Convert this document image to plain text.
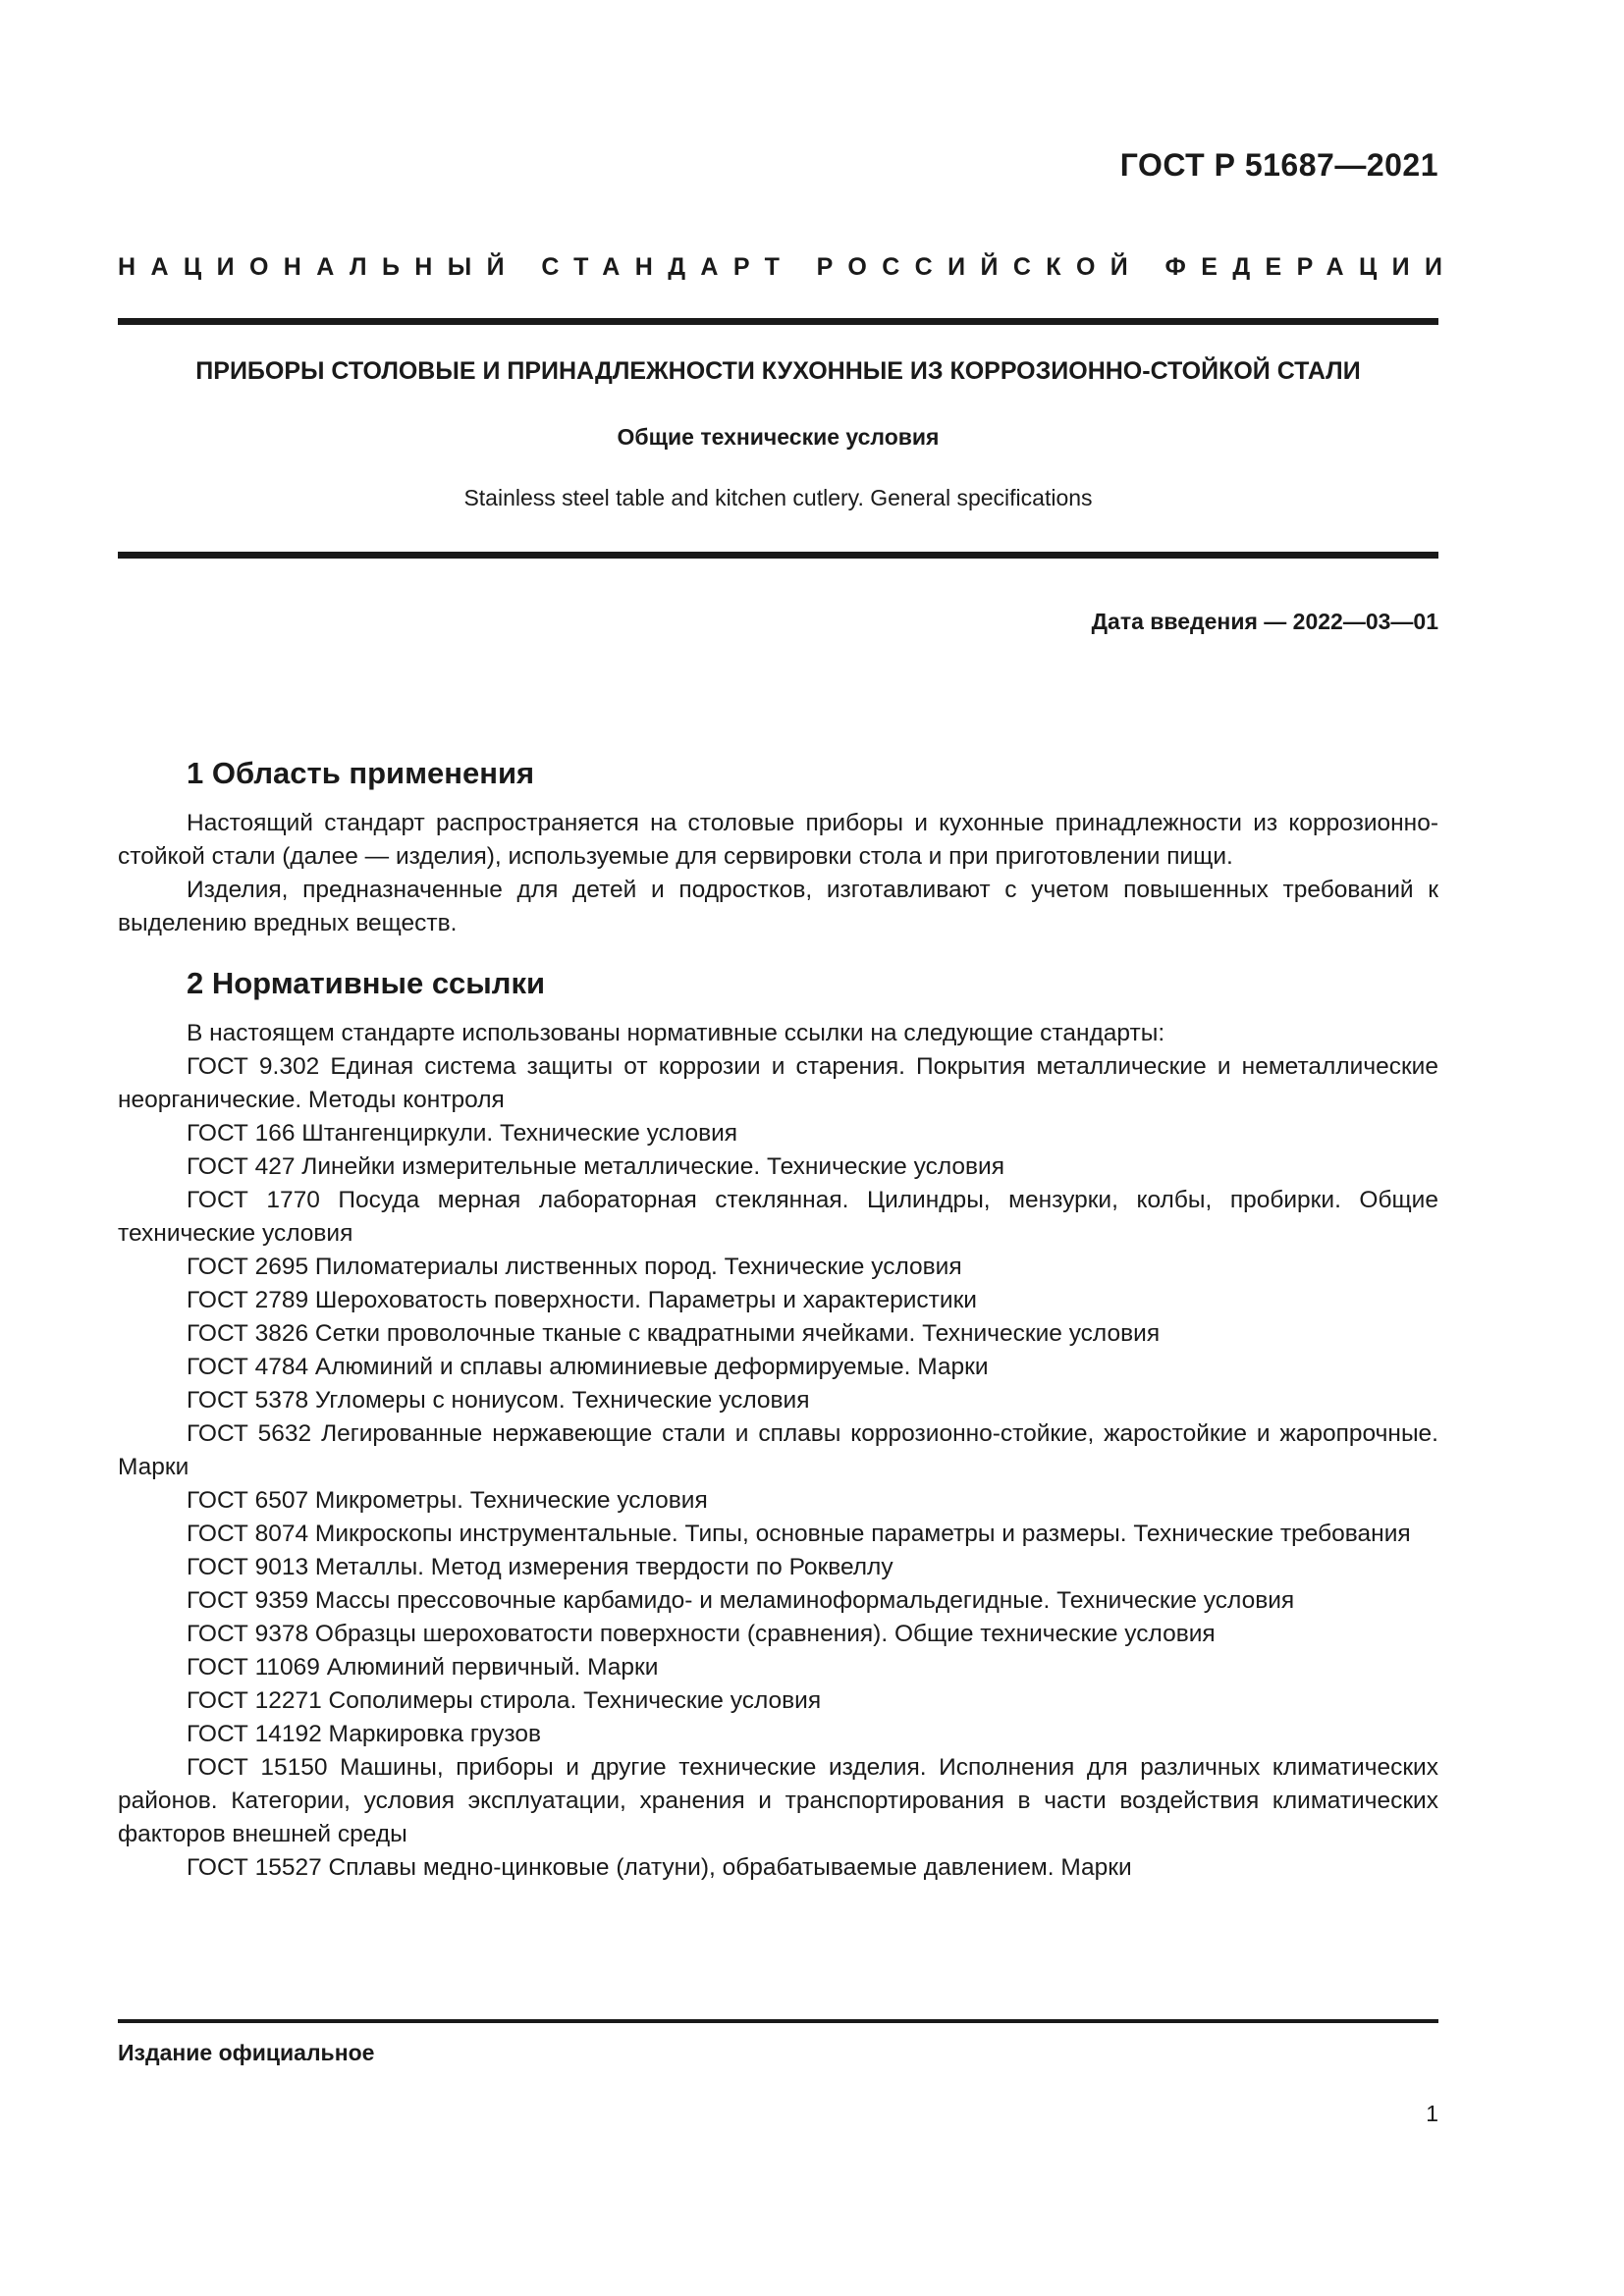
ГОСТ Р 51687—2021
НАЦИОНАЛЬНЫЙ СТАНДАРТ РОССИЙСКОЙ ФЕДЕРАЦИИ
ПРИБОРЫ СТОЛОВЫЕ И ПРИНАДЛЕЖНОСТИ КУХОННЫЕ ИЗ КОРРОЗИОННО-СТОЙКОЙ СТАЛИ
Общие технические условия
Stainless steel table and kitchen cutlery. General specifications
Дата введения — 2022—03—01
1 Область применения

Настоящий стандарт распространяется на столовые приборы и кухонные принадлежности из коррозионно-стойкой стали (далее — изделия), используемые для сервировки стола и при приготовлении пищи.

Изделия, предназначенные для детей и подростков, изготавливают с учетом повышенных требований к выделению вредных веществ.

2 Нормативные ссылки

В настоящем стандарте использованы нормативные ссылки на следующие стандарты:

ГОСТ 9.302 Единая система защиты от коррозии и старения. Покрытия металлические и неметаллические неорганические. Методы контроля

ГОСТ 166 Штангенциркули. Технические условия

ГОСТ 427 Линейки измерительные металлические. Технические условия

ГОСТ 1770 Посуда мерная лабораторная стеклянная. Цилиндры, мензурки, колбы, пробирки. Общие технические условия

ГОСТ 2695 Пиломатериалы лиственных пород. Технические условия

ГОСТ 2789 Шероховатость поверхности. Параметры и характеристики

ГОСТ 3826 Сетки проволочные тканые с квадратными ячейками. Технические условия

ГОСТ 4784 Алюминий и сплавы алюминиевые деформируемые. Марки

ГОСТ 5378 Угломеры с нониусом. Технические условия

ГОСТ 5632 Легированные нержавеющие стали и сплавы коррозионно-стойкие, жаростойкие и жаропрочные. Марки

ГОСТ 6507 Микрометры. Технические условия

ГОСТ 8074 Микроскопы инструментальные. Типы, основные параметры и размеры. Технические требования

ГОСТ 9013 Металлы. Метод измерения твердости по Роквеллу

ГОСТ 9359 Массы прессовочные карбамидо- и меламиноформальдегидные. Технические условия

ГОСТ 9378 Образцы шероховатости поверхности (сравнения). Общие технические условия

ГОСТ 11069 Алюминий первичный. Марки

ГОСТ 12271 Сополимеры стирола. Технические условия

ГОСТ 14192 Маркировка грузов

ГОСТ 15150 Машины, приборы и другие технические изделия. Исполнения для различных климатических районов. Категории, условия эксплуатации, хранения и транспортирования в части воздействия климатических факторов внешней среды

ГОСТ 15527 Сплавы медно-цинковые (латуни), обрабатываемые давлением. Марки

Издание официальное
1
